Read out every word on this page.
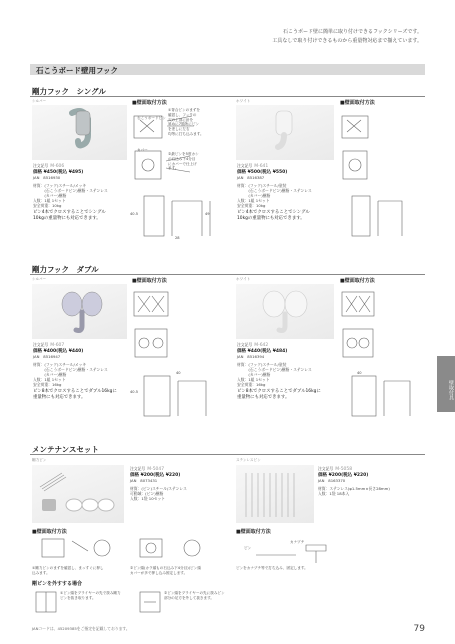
石こうボード壁に簡単に取り付けできるフックシリーズです。
工具なしで取り付けできるものから重量物対応まで揃えています。
石こうボード壁用フック
剛力フック　シングル
シルバー
注文記号 M-606
価格 ¥450(税込 ¥495)
JAN　8516930
材質：(フック)スチール/メッキ
　　　(石こうボードピン)樹脂・ステンレス
　　　(カバー)樹脂
入数：1組 1セット
安全荷重：10kg
ピン4本でクロスすることでシングル
10kgの重量物にも対応できます。
■壁面取付方法
①背合ピンのまずを
確認し、フックの
穴の上部に針を
斜めに7箇所にピン
を差しに左右
均等に打ち込みます。
②最ピンを5度カシ
の石込み下4分目
にカバーで仕上げ
ます。
石こうボードピン
カバー
40.5
28
49
ホワイト
注文記号 M-641
価格 ¥500(税込 ¥550)
JAN　8516387
材質：(フック)スチール/塗装
　　　(石こうボードピン)樹脂・ステンレス
　　　(カバー)樹脂
入数：1組 1セット
安全荷重：10kg
ピン4本でクロスすることでシングル
10kgの重量物にも対応できます。
■壁面取付方法
剛力フック　ダブル
シルバー
注文記号 M-607
価格 ¥400(税込 ¥440)
JAN　8516947
材質：(フック)スチール/メッキ
　　　(石こうボードピン)樹脂・ステンレス
　　　(カバー)樹脂
入数：1組 1セット
安全荷重：16kg
ピン8本でクロスすることでダブル16kgに
重量物にも対応できます。
■壁面取付方法
40.5
40
ホワイト
注文記号 M-642
価格 ¥440(税込 ¥484)
JAN　8516394
材質：(フック)スチール/塗装
　　　(石こうボードピン)樹脂・ステンレス
　　　(カバー)樹脂
入数：1組 1セット
安全荷重：16kg
ピン8本でクロスすることでダブル16kgに
重量物にも対応できます。
■壁面取付方法
40
壁取付具
メンテナンスセット
剛力ピン
注文記号 M-5047
価格 ¥200(税込 ¥220)
JAN　8073431
材質：(ピン)スチール/ステンレス
可動域：(ピン)樹脂
入数：1袋 10セット
■壁面取付方法
①剛力ピンのまずを確認し、まっすぐに押し
込みます。
②ピン頭(カラ頭もの石込み下4分目)(ピン頭
カバーが多で押し込み固定します。
剛ピンを外すする場合
①ピン頭をプライヤーの先で挟み剛力
ピンを抜き取ります。
②ピン頭をプライヤーの先に挟みピン
部分の足方を外して抜きます。
ステンレスピン
注文記号 M-5058
価格 ¥200(税込 ¥220)
JAN　8163370
材質：ステンレス(φ1.5mm×長さ28mm)
入数：1袋 18本入
■壁面取付方法
ピン
カナヅチ
ピンをカナヅチ等で打ち込み、固定します。
JANコードは、45209385をご指定を記載しております。	79
